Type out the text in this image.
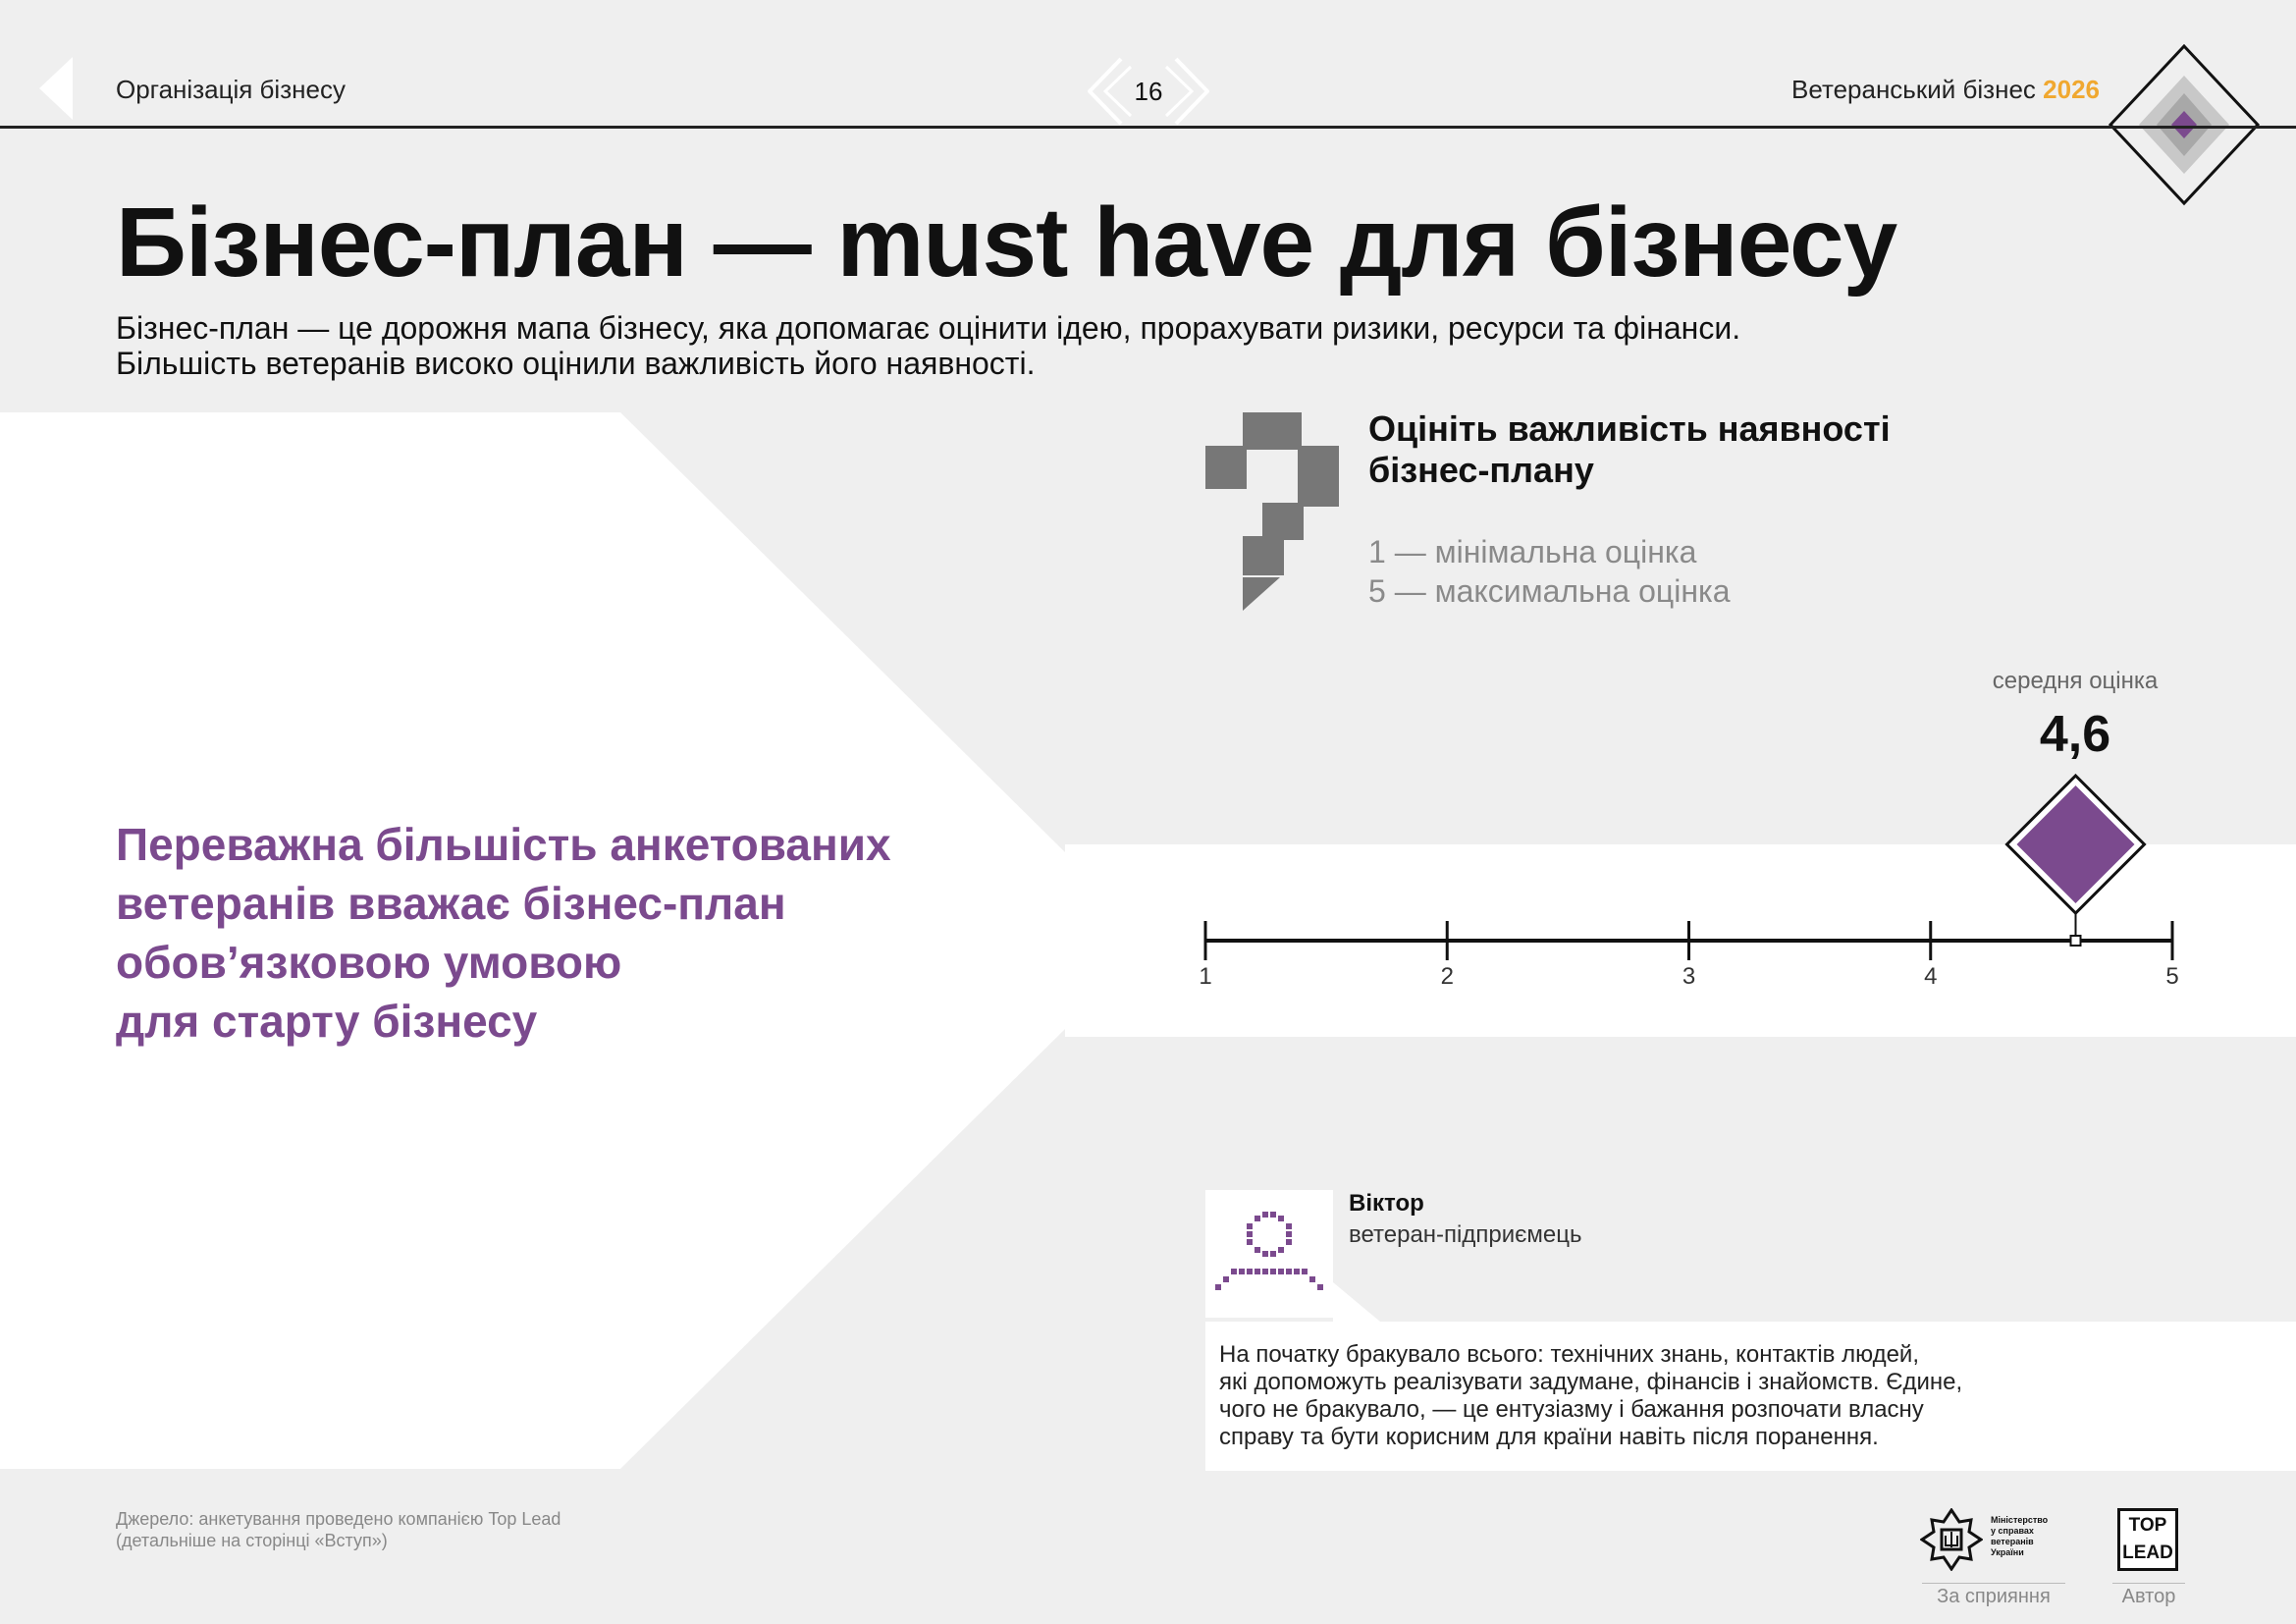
Організація бізнесу	16	Ветеранський бізнес 2026
Бізнес-план — must have для бізнесу
Бізнес-план — це дорожня мапа бізнесу, яка допомагає оцінити ідею, прорахувати ризики, ресурси та фінанси.
Більшість ветеранів високо оцінили важливість його наявності.
Переважна більшість анкетованих
ветеранів вважає бізнес-план
обов’язковою умовою
для старту бізнесу
Оцініть важливість наявності
бізнес-плану
1 — мінімальна оцінка
5 — максимальна оцінка
середня оцінка
4,6
1	2	3	4	5
Віктор
ветеран-підприємець
На початку бракувало всього: технічних знань, контактів людей,
які допоможуть реалізувати задумане, фінансів і знайомств. Єдине,
чого не бракувало, — це ентузіазму і бажання розпочати власну
справу та бути корисним для країни навіть після поранення.
Джерело: анкетування проведено компанією Top Lead
(детальніше на сторінці «Вступ»)
Міністерство
у справах
ветеранів
України
За сприяння
TOP
LEAD
Автор
